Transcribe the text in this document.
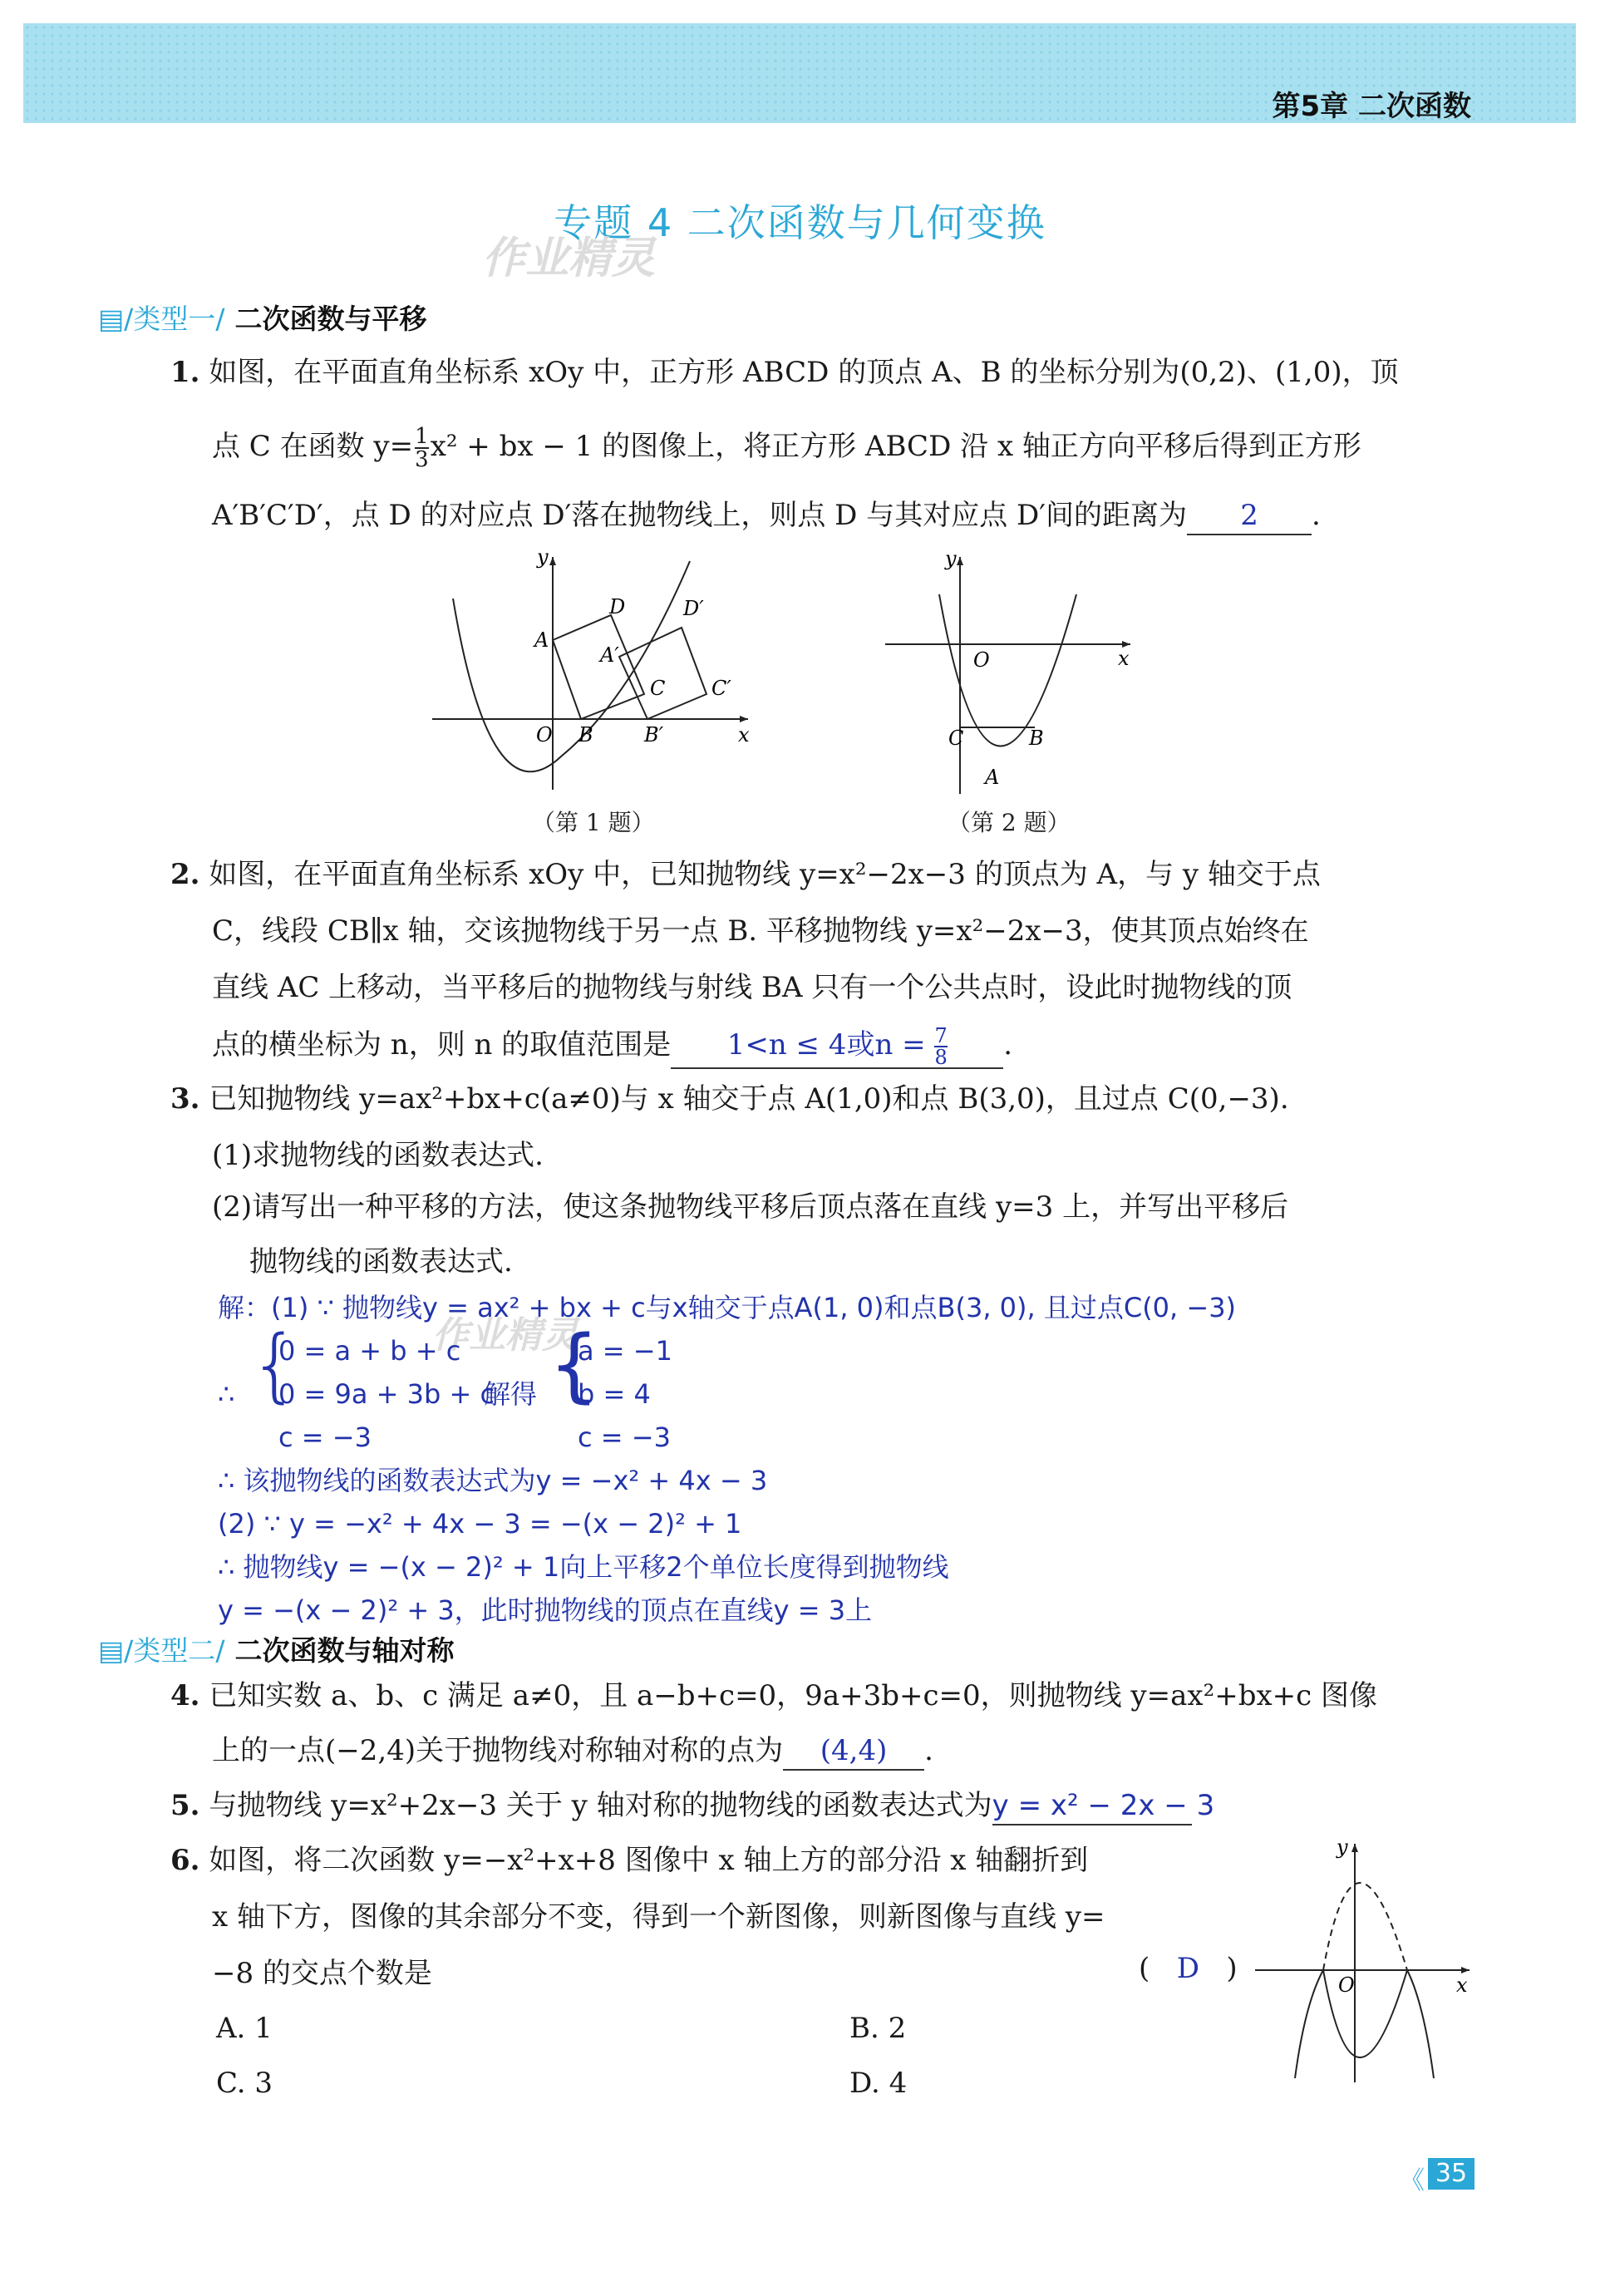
第5章 二次函数
专题 4 二次函数与几何变换
作业精灵
▤/类型一/ 二次函数与平移
1. 如图，在平面直角坐标系 xOy 中，正方形 ABCD 的顶点 A、B 的坐标分别为(0,2)、(1,0)，顶
点 C 在函数 $y= \frac{1}{3} x^2$ + bx − 1 的图像上，将正方形 ABCD 沿 x 轴正方向平移后得到正方形
A′B′C′D′，点 D 的对应点 D′落在抛物线上，则点 D 与其对应点 D′间的距离为 2 .
y
x
O
A
B
C
D
A′
B′
C′
D′
（第 1 题）
y
x
O
A
B
C
（第 2 题）
2. 如图，在平面直角坐标系 xOy 中，已知抛物线 y=x²−2x−3 的顶点为 A，与 y 轴交于点
C，线段 CB∥x 轴，交该抛物线于另一点 B. 平移抛物线 y=x²−2x−3，使其顶点始终在
直线 AC 上移动，当平移后的抛物线与射线 BA 只有一个公共点时，设此时抛物线的顶
点的横坐标为 n，则 n 的取值范围是 1<n ≤ 4或$n = \frac{7}{8}$ .
3. 已知抛物线 y=ax²+bx+c(a≠0)与 x 轴交于点 A(1,0)和点 B(3,0)，且过点 C(0,−3).
(1)求抛物线的函数表达式.
(2)请写出一种平移的方法，使这条抛物线平移后顶点落在直线 y=3 上，并写出平移后
抛物线的函数表达式.
解：(1) ∵ 抛物线y = ax² + bx + c与x轴交于点A(1, 0)和点B(3, 0), 且过点C(0, −3)
作业精灵
∴ {
0 = a + b + c
0 = 9a + 3b + c
c = −3
解得 {
a = −1
b = 4
c = −3
∴ 该抛物线的函数表达式为y = −x² + 4x − 3
(2) ∵ y = −x² + 4x − 3 = −(x − 2)² + 1
∴ 抛物线y = −(x − 2)² + 1向上平移2个单位长度得到抛物线
y = −(x − 2)² + 3，此时抛物线的顶点在直线y = 3上
▤/类型二/ 二次函数与轴对称
4. 已知实数 a、b、c 满足 a≠0，且 a−b+c=0，9a+3b+c=0，则抛物线 y=ax²+bx+c 图像
上的一点(−2,4)关于抛物线对称轴对称的点为 (4,4) .
5. 与抛物线 y=x²+2x−3 关于 y 轴对称的抛物线的函数表达式为y = x² − 2x − 3
6. 如图，将二次函数 y=−x²+x+8 图像中 x 轴上方的部分沿 x 轴翻折到
x 轴下方，图像的其余部分不变，得到一个新图像，则新图像与直线 y=
−8 的交点个数是	( D )
A. 1	B. 2
C. 3	D. 4
y
x
O
《 35
